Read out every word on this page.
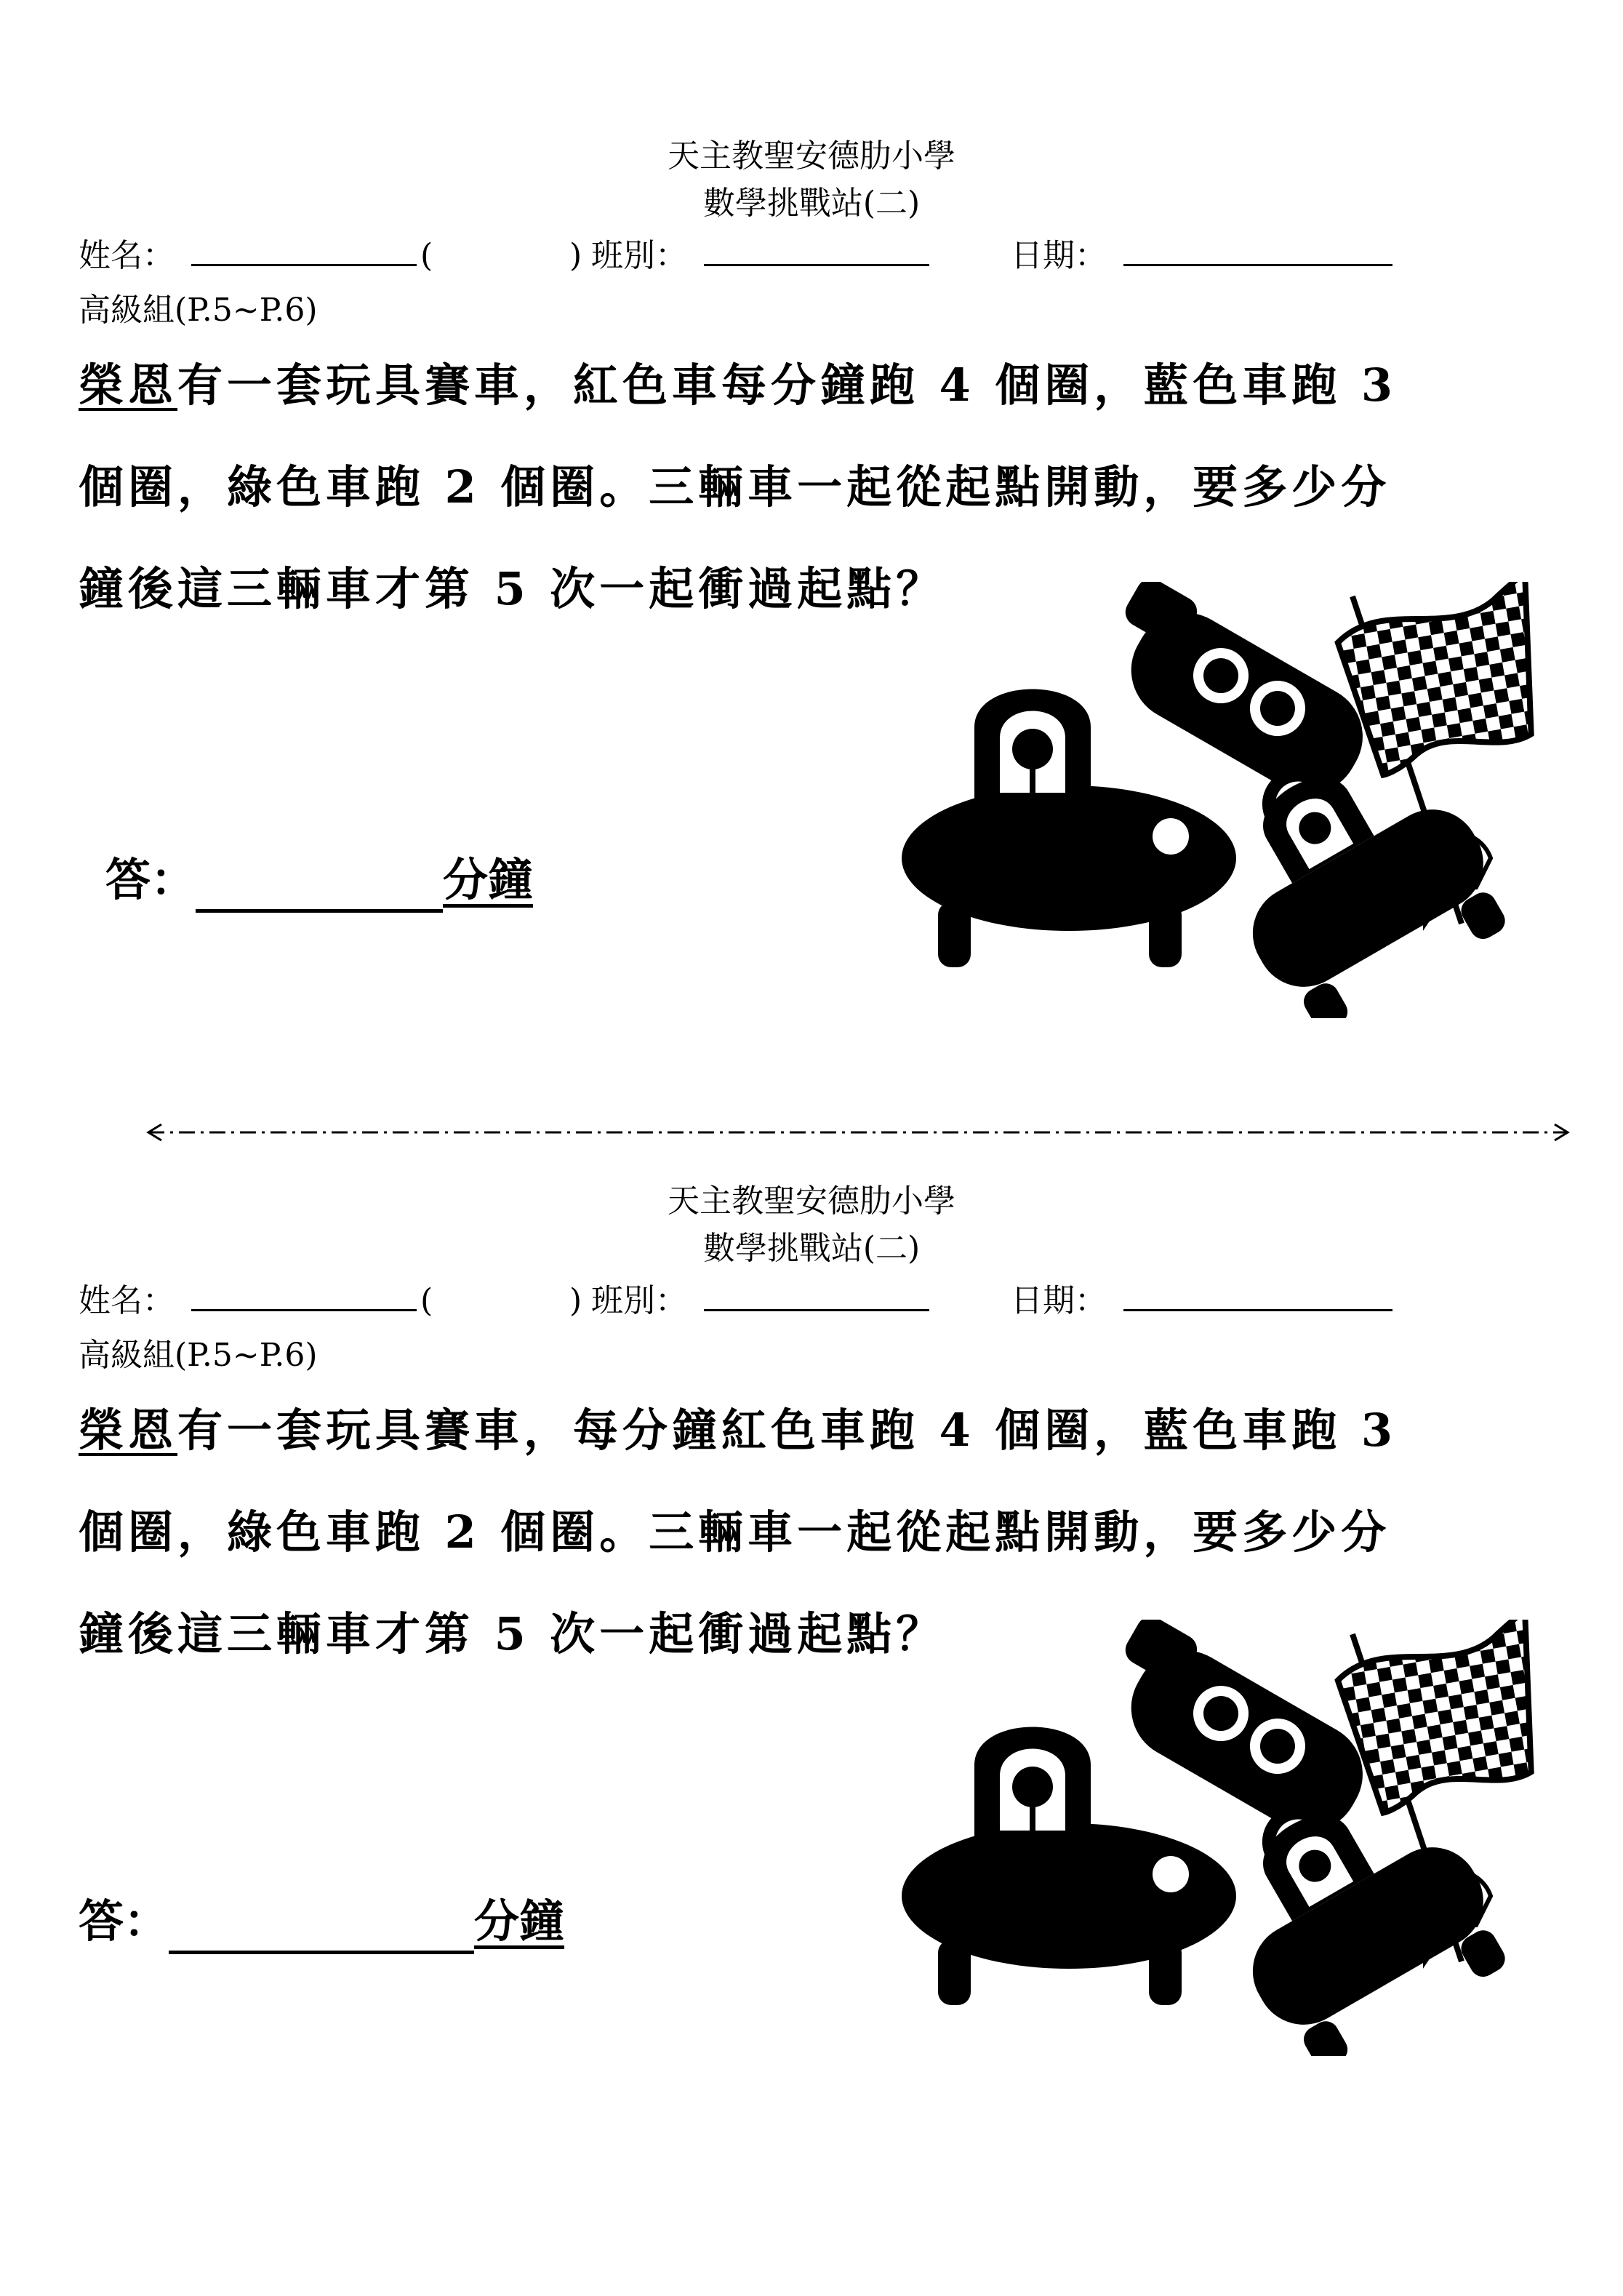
天主教聖安德肋小學
數學挑戰站(二)
姓名：	(	) 班別：	日期：
高級組(P.5~P.6)
榮恩有一套玩具賽車，紅色車每分鐘跑 4 個圈，藍色車跑 3
個圈，綠色車跑 2 個圈。三輛車一起從起點開動，要多少分
鐘後這三輛車才第 5 次一起衝過起點？
答：	分鐘
天主教聖安德肋小學
數學挑戰站(二)
姓名：	(	) 班別：	日期：
高級組(P.5~P.6)
榮恩有一套玩具賽車，每分鐘紅色車跑 4 個圈，藍色車跑 3
個圈，綠色車跑 2 個圈。三輛車一起從起點開動，要多少分
鐘後這三輛車才第 5 次一起衝過起點？
答：	分鐘
